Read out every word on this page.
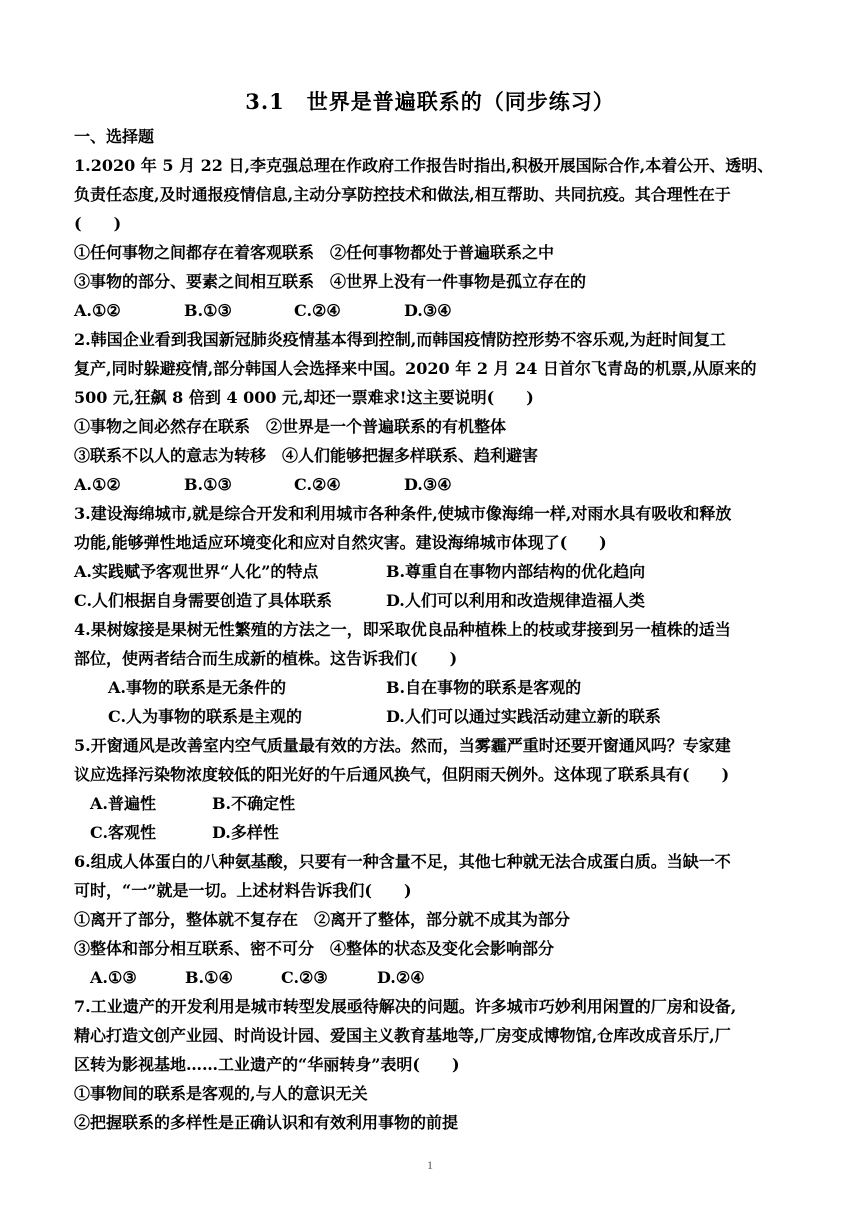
3.1　世界是普遍联系的（同步练习）
一、选择题
1.2020 年 5 月 22 日,李克强总理在作政府工作报告时指出,积极开展国际合作,本着公开、透明、
负责任态度,及时通报疫情信息,主动分享防控技术和做法,相互帮助、共同抗疫。其合理性在于
(　　)
①任何事物之间都存在着客观联系　②任何事物都处于普遍联系之中
③事物的部分、要素之间相互联系　④世界上没有一件事物是孤立存在的
A.①②	B.①③	C.②④	D.③④
2.韩国企业看到我国新冠肺炎疫情基本得到控制,而韩国疫情防控形势不容乐观,为赶时间复工
复产,同时躲避疫情,部分韩国人会选择来中国。2020 年 2 月 24 日首尔飞青岛的机票,从原来的
500 元,狂飙 8 倍到 4 000 元,却还一票难求!这主要说明(　　)
①事物之间必然存在联系　②世界是一个普遍联系的有机整体
③联系不以人的意志为转移　④人们能够把握多样联系、趋利避害
A.①②	B.①③	C.②④	D.③④
3.建设海绵城市,就是综合开发和利用城市各种条件,使城市像海绵一样,对雨水具有吸收和释放
功能,能够弹性地适应环境变化和应对自然灾害。建设海绵城市体现了(　　)
A.实践赋予客观世界“人化”的特点	B.尊重自在事物内部结构的优化趋向
C.人们根据自身需要创造了具体联系	D.人们可以利用和改造规律造福人类
4.果树嫁接是果树无性繁殖的方法之一，即采取优良品种植株上的枝或芽接到另一植株的适当
部位，使两者结合而生成新的植株。这告诉我们(　　)
A.事物的联系是无条件的	B.自在事物的联系是客观的
C.人为事物的联系是主观的	D.人们可以通过实践活动建立新的联系
5.开窗通风是改善室内空气质量最有效的方法。然而，当雾霾严重时还要开窗通风吗？专家建
议应选择污染物浓度较低的阳光好的午后通风换气，但阴雨天例外。这体现了联系具有(　　)
A.普遍性	B.不确定性
C.客观性	D.多样性
6.组成人体蛋白的八种氨基酸，只要有一种含量不足，其他七种就无法合成蛋白质。当缺一不
可时，“一”就是一切。上述材料告诉我们(　　)
①离开了部分，整体就不复存在　②离开了整体，部分就不成其为部分
③整体和部分相互联系、密不可分　④整体的状态及变化会影响部分
A.①③	B.①④	C.②③	D.②④
7.工业遗产的开发利用是城市转型发展亟待解决的问题。许多城市巧妙利用闲置的厂房和设备,
精心打造文创产业园、时尚设计园、爱国主义教育基地等,厂房变成博物馆,仓库改成音乐厅,厂
区转为影视基地……工业遗产的“华丽转身”表明(　　)
①事物间的联系是客观的,与人的意识无关
②把握联系的多样性是正确认识和有效利用事物的前提
1
